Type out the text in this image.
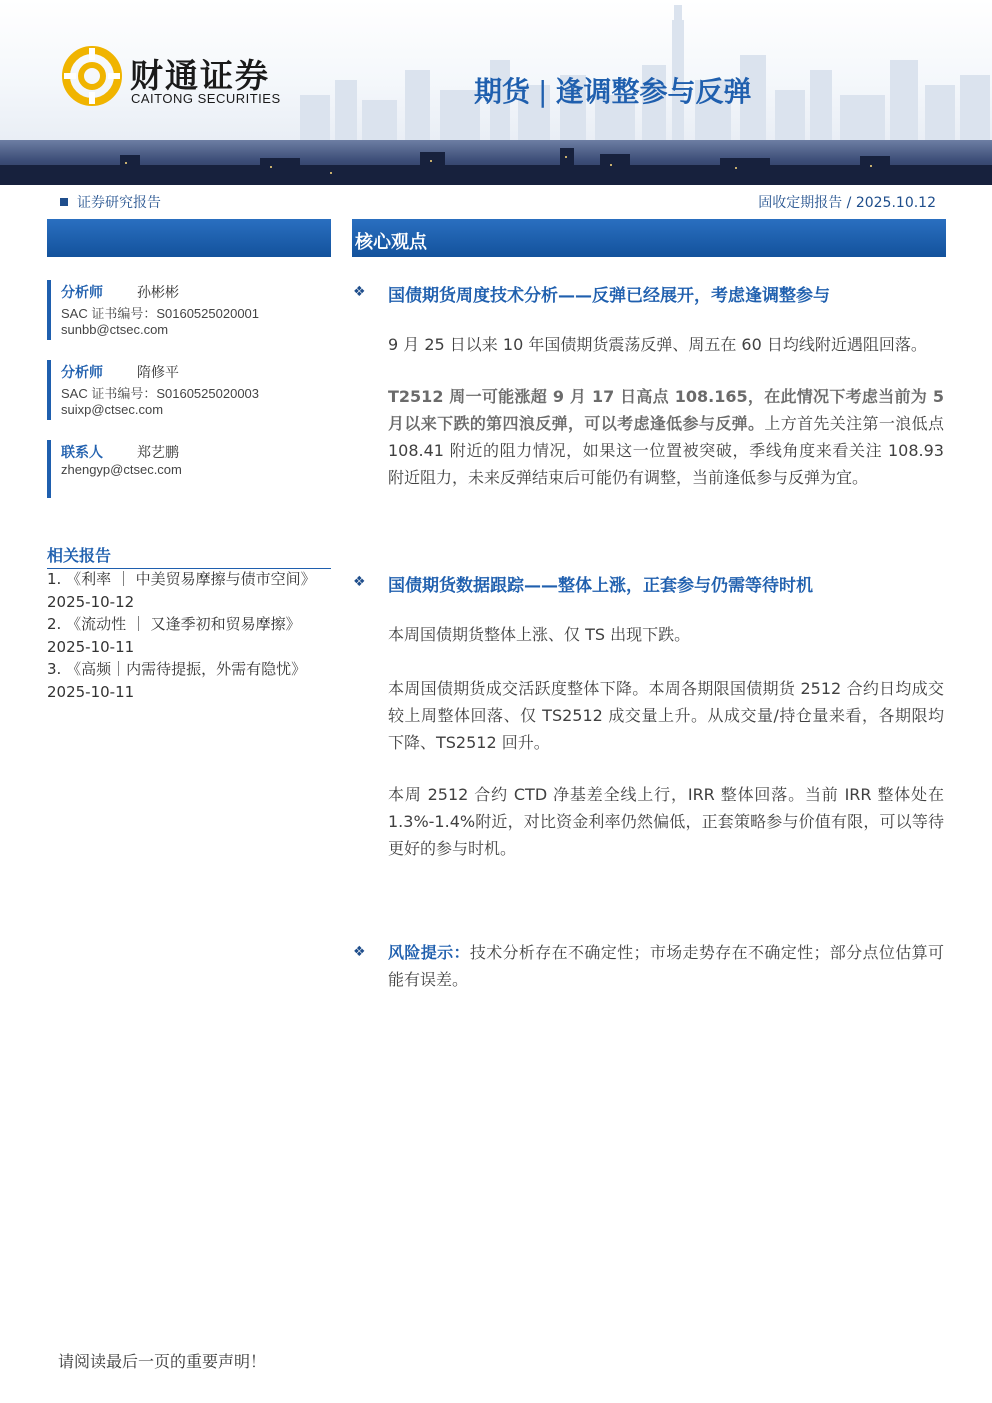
财通证券
CAITONG SECURITIES	期货 | 逢调整参与反弹
证券研究报告	固收定期报告 / 2025.10.12
分析师 孙彬彬
SAC 证书编号：S0160525020001
sunbb@ctsec.com
分析师 隋修平
SAC 证书编号：S0160525020003
suixp@ctsec.com
联系人 郑艺鹏
zhengyp@ctsec.com
相关报告
1. 《利率 ｜ 中美贸易摩擦与债市空间》
2025-10-12
2. 《流动性 ｜ 又逢季初和贸易摩擦》
2025-10-11
3. 《高频｜内需待提振，外需有隐忧》
2025-10-11
核心观点
❖ 国债期货周度技术分析——反弹已经展开，考虑逢调整参与
9 月 25 日以来 10 年国债期货震荡反弹、周五在 60 日均线附近遇阻回落。
T2512 周一可能涨超 9 月 17 日高点 108.165，在此情况下考虑当前为 5 月以来下跌的第四浪反弹，可以考虑逢低参与反弹。上方首先关注第一浪低点 108.41 附近的阻力情况，如果这一位置被突破，季线角度来看关注 108.93 附近阻力，未来反弹结束后可能仍有调整，当前逢低参与反弹为宜。
❖ 国债期货数据跟踪——整体上涨，正套参与仍需等待时机
本周国债期货整体上涨、仅 TS 出现下跌。
本周国债期货成交活跃度整体下降。本周各期限国债期货 2512 合约日均成交较上周整体回落、仅 TS2512 成交量上升。从成交量/持仓量来看，各期限均下降、TS2512 回升。
本周 2512 合约 CTD 净基差全线上行，IRR 整体回落。当前 IRR 整体处在 1.3%-1.4%附近，对比资金利率仍然偏低，正套策略参与价值有限，可以等待更好的参与时机。
❖ 风险提示：技术分析存在不确定性；市场走势存在不确定性；部分点位估算可能有误差。
请阅读最后一页的重要声明！
